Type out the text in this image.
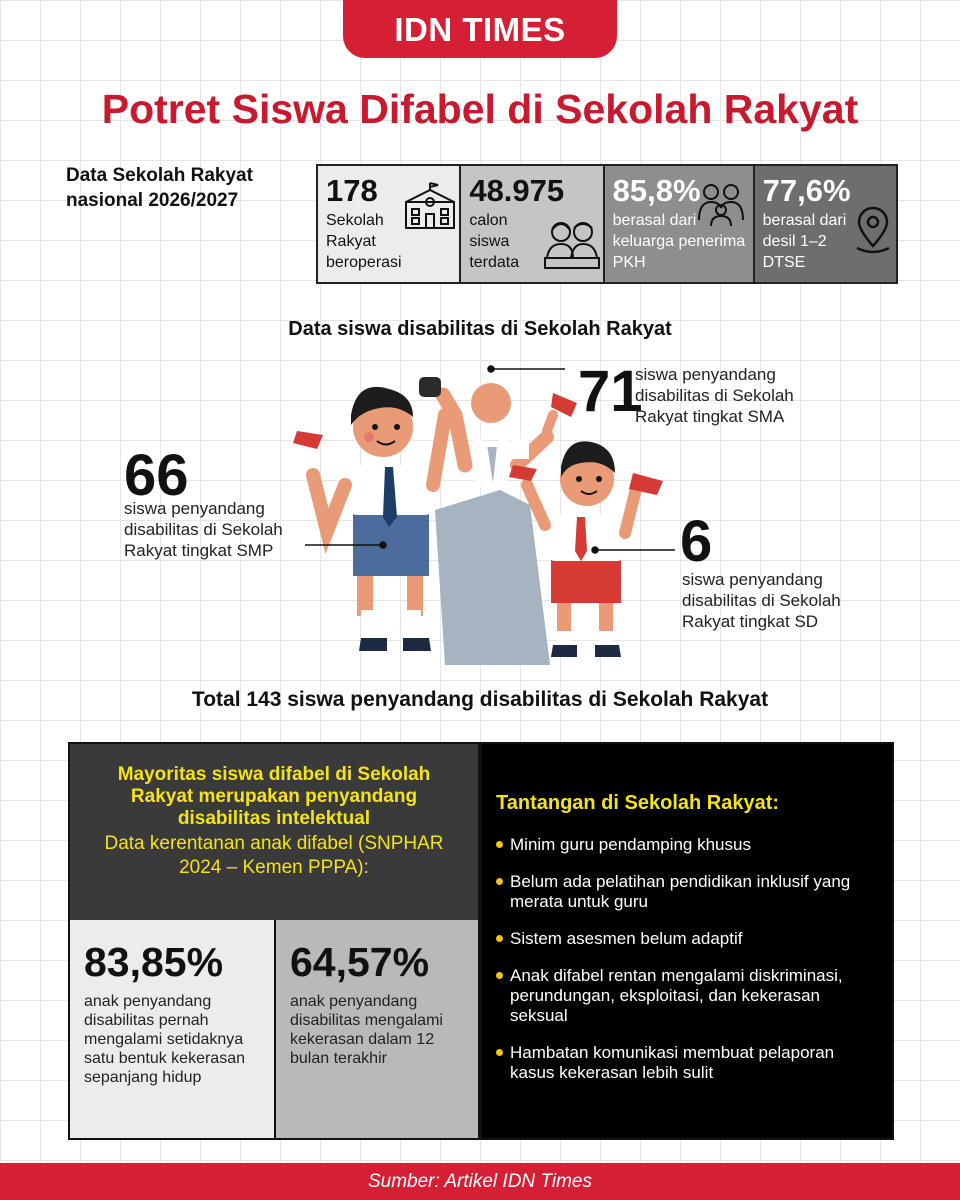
IDN TIMES
Potret Siswa Difabel di Sekolah Rakyat
Data Sekolah Rakyat nasional 2026/2027	178
Sekolah Rakyat beroperasi
48.975
calon siswa terdata
85,8%
berasal dari keluarga penerima PKH
77,6%
berasal dari desil 1–2 DTSE
Data siswa disabilitas di Sekolah Rakyat
71
siswa penyandang disabilitas di Sekolah Rakyat tingkat SMA
66
siswa penyandang disabilitas di Sekolah Rakyat tingkat SMP	6
siswa penyandang disabilitas di Sekolah Rakyat tingkat SD
Total 143 siswa penyandang disabilitas di Sekolah Rakyat
Mayoritas siswa difabel di Sekolah Rakyat merupakan penyandang disabilitas intelektual
Data kerentanan anak difabel (SNPHAR 2024 – Kemen PPPA):
83,85%
anak penyandang disabilitas pernah mengalami setidaknya satu bentuk kekerasan sepanjang hidup
64,57%
anak penyandang disabilitas mengalami kekerasan dalam 12 bulan terakhir
Tantangan di Sekolah Rakyat:
Minim guru pendamping khusus
Belum ada pelatihan pendidikan inklusif yang merata untuk guru
Sistem asesmen belum adaptif
Anak difabel rentan mengalami diskriminasi, perundungan, eksploitasi, dan kekerasan seksual
Hambatan komunikasi membuat pelaporan kasus kekerasan lebih sulit
Sumber: Artikel IDN Times
